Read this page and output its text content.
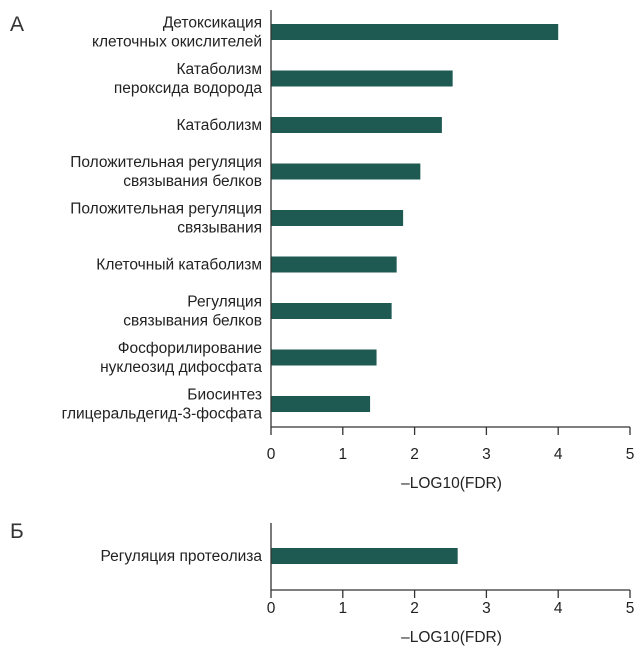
А	Детоксикация клеточных окислителей
Катаболизм пероксида водорода
Катаболизм
Положительная регуляция связывания белков
Положительная регуляция связывания
Клеточный катаболизм
Регуляция связывания белков
Фосфорилирование нуклеозид дифосфата
Биосинтез глицеральдегид-3-фосфата
0	1	2	3	4	5
–LOG10(FDR)
Б
Регуляция протеолиза
0	1	2	3	4	5
–LOG10(FDR)
